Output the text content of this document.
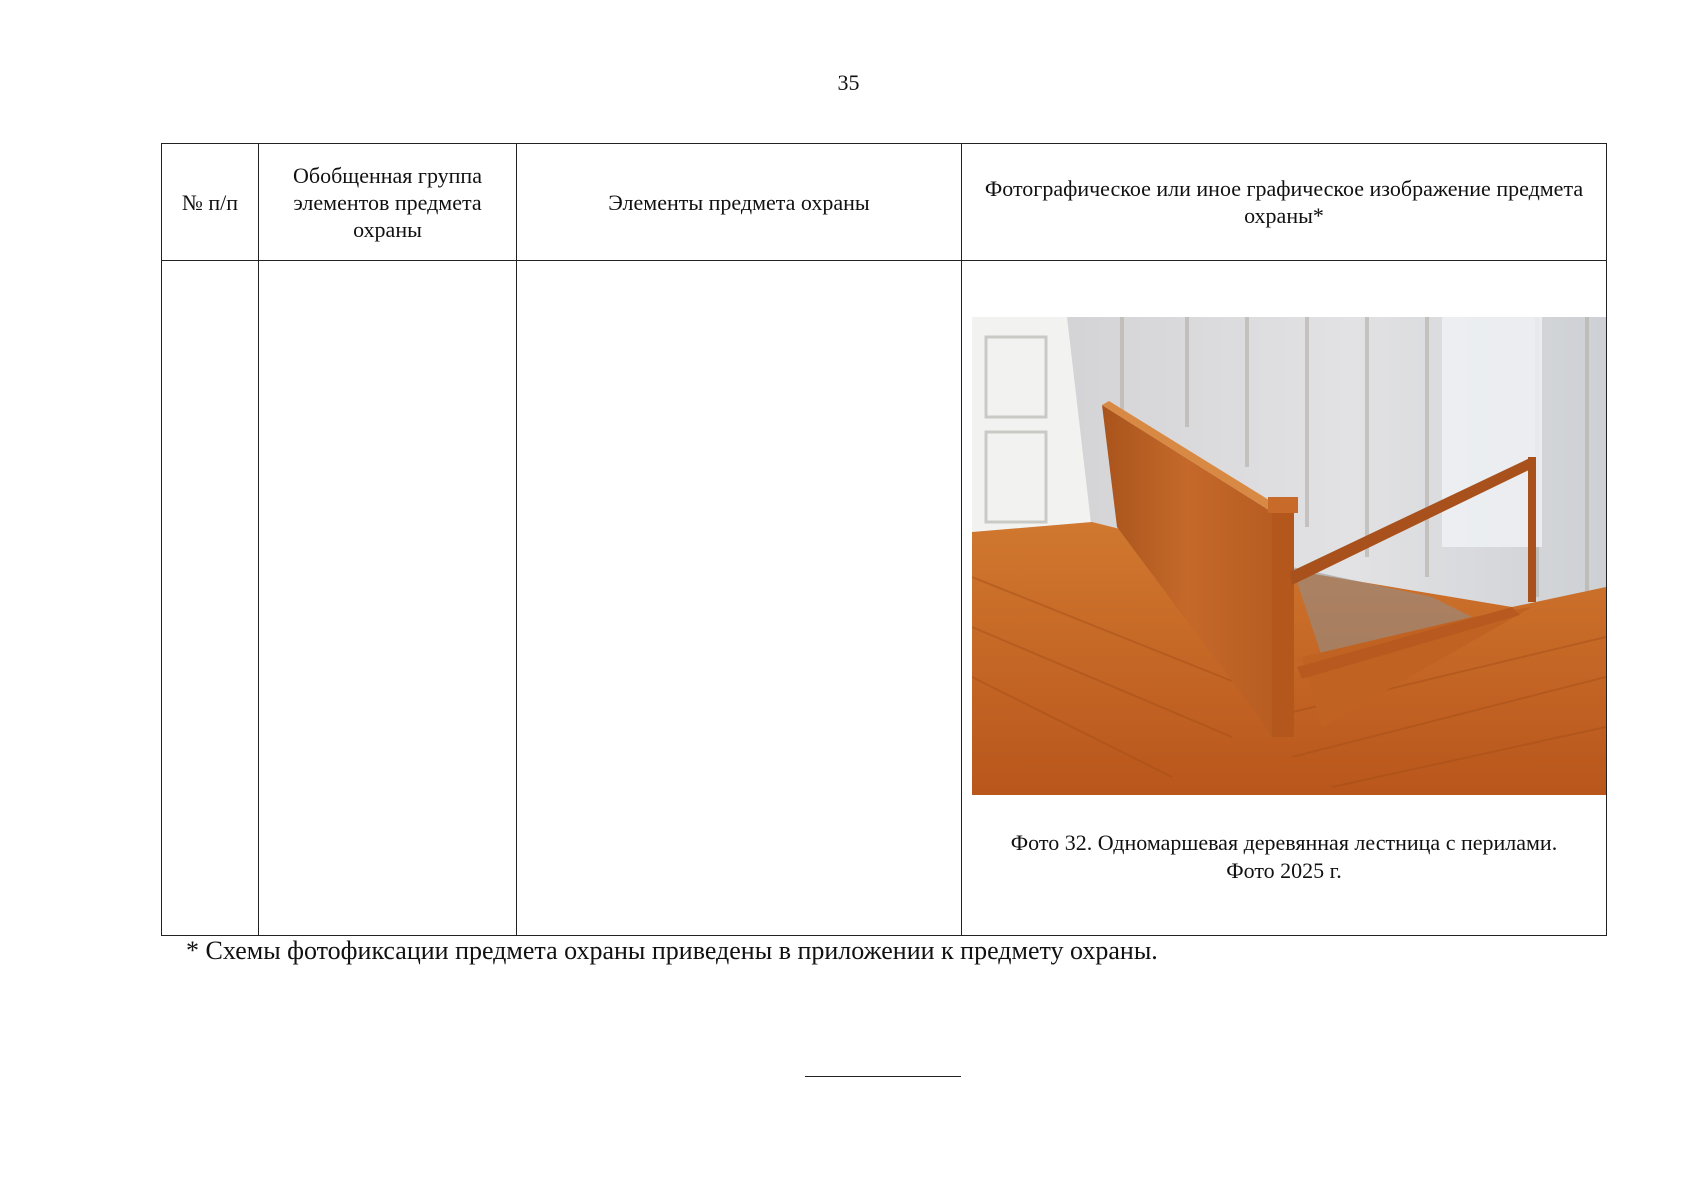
35
№ п/п	Обобщенная группа элементов предмета охраны	Элементы предмета охраны	Фотографическое или иное графическое изображение предмета охраны*

			Фото 32. Одномаршевая деревянная лестница с перилами.
Фото 2025 г.
* Схемы фотофиксации предмета охраны приведены в приложении к предмету охраны.
